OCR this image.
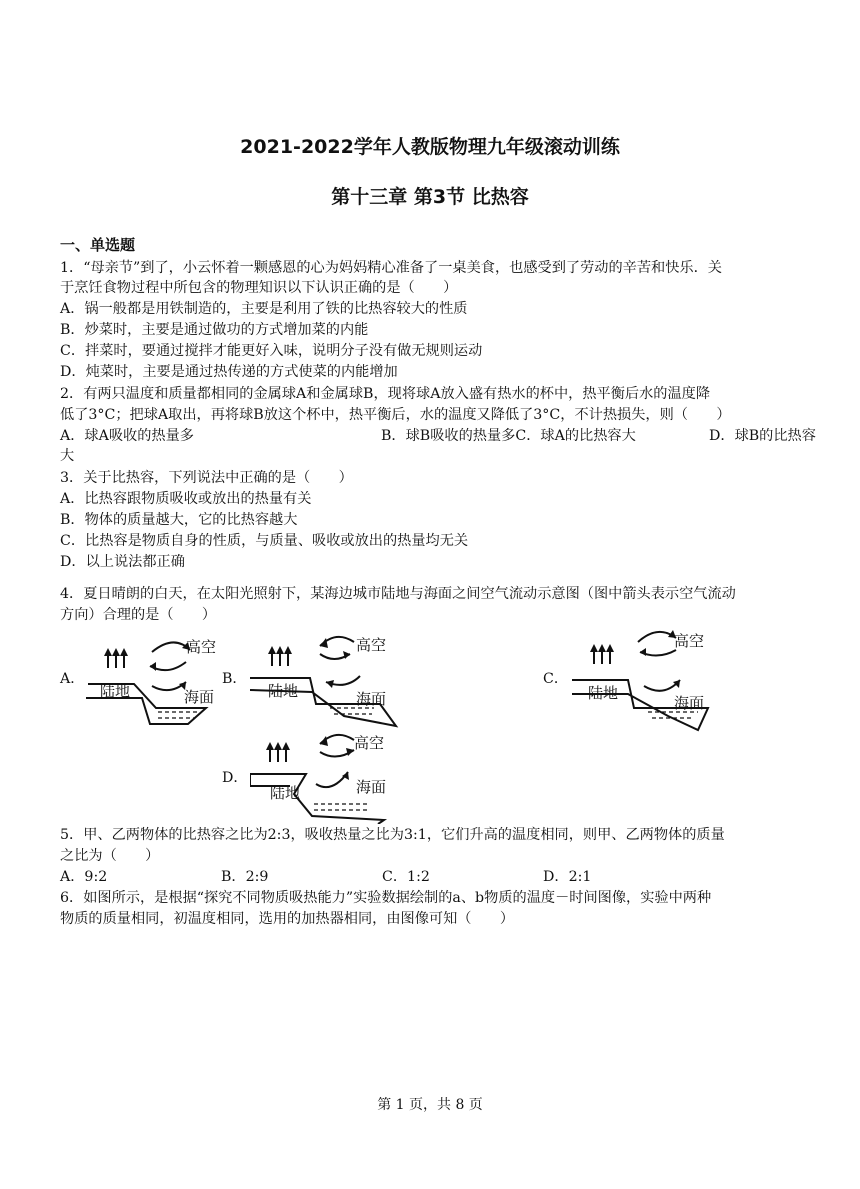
2021-2022学年人教版物理九年级滚动训练
第十三章 第3节 比热容
一、单选题
1．“母亲节”到了，小云怀着一颗感恩的心为妈妈精心准备了一桌美食，也感受到了劳动的辛苦和快乐．关
于烹饪食物过程中所包含的物理知识以下认识正确的是（　　）
A．锅一般都是用铁制造的，主要是利用了铁的比热容较大的性质
B．炒菜时，主要是通过做功的方式增加菜的内能
C．拌菜时，要通过搅拌才能更好入味，说明分子没有做无规则运动
D．炖菜时，主要是通过热传递的方式使菜的内能增加
2．有两只温度和质量都相同的金属球A和金属球B，现将球A放入盛有热水的杯中，热平衡后水的温度降
低了3°C；把球A取出，再将球B放这个杯中，热平衡后，水的温度又降低了3°C，不计热损失，则（　　）
A．球A吸收的热量多	B．球B吸收的热量多C．球A的比热容大	D．球B的比热容
大
3．关于比热容，下列说法中正确的是（　　）
A．比热容跟物质吸收或放出的热量有关
B．物体的质量越大，它的比热容越大
C．比热容是物质自身的性质，与质量、吸收或放出的热量均无关
D．以上说法都正确
4．夏日晴朗的白天，在太阳光照射下，某海边城市陆地与海面之间空气流动示意图（图中箭头表示空气流动
方向）合理的是（　　）
A．	B．	C．
D．
高空
陆地	海面
高空
陆地	海面
高空
陆地
海面
高空
陆地	海面
5．甲、乙两物体的比热容之比为2:3，吸收热量之比为3:1，它们升高的温度相同，则甲、乙两物体的质量
之比为（　　）
A．9:2	B．2:9	C．1:2	D．2:1
6．如图所示，是根据“探究不同物质吸热能力”实验数据绘制的a、b物质的温度－时间图像，实验中两种
物质的质量相同，初温度相同，选用的加热器相同，由图像可知（　　）
第 1 页，共 8 页
